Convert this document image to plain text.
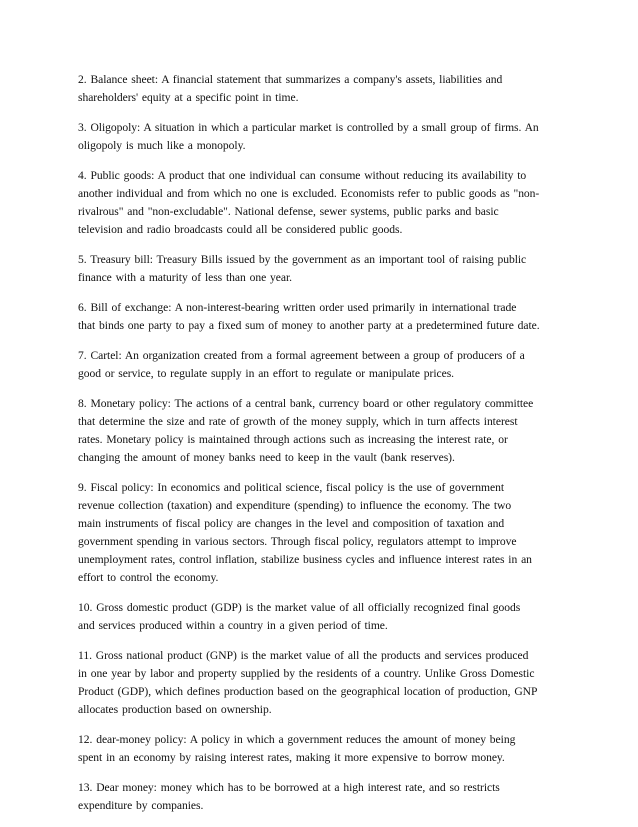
2. Balance sheet: A financial statement that summarizes a company's assets, liabilities and
shareholders' equity at a specific point in time.
3. Oligopoly: A situation in which a particular market is controlled by a small group of firms. An
oligopoly is much like a monopoly.
4. Public goods: A product that one individual can consume without reducing its availability to
another individual and from which no one is excluded. Economists refer to public goods as "non-
rivalrous" and "non-excludable". National defense, sewer systems, public parks and basic
television and radio broadcasts could all be considered public goods.
5. Treasury bill: Treasury Bills issued by the government as an important tool of raising public
finance with a maturity of less than one year.
6. Bill of exchange: A non-interest-bearing written order used primarily in international trade
that binds one party to pay a fixed sum of money to another party at a predetermined future date.
7. Cartel: An organization created from a formal agreement between a group of producers of a
good or service, to regulate supply in an effort to regulate or manipulate prices.
8. Monetary policy: The actions of a central bank, currency board or other regulatory committee
that determine the size and rate of growth of the money supply, which in turn affects interest
rates. Monetary policy is maintained through actions such as increasing the interest rate, or
changing the amount of money banks need to keep in the vault (bank reserves).
9. Fiscal policy: In economics and political science, fiscal policy is the use of government
revenue collection (taxation) and expenditure (spending) to influence the economy. The two
main instruments of fiscal policy are changes in the level and composition of taxation and
government spending in various sectors. Through fiscal policy, regulators attempt to improve
unemployment rates, control inflation, stabilize business cycles and influence interest rates in an
effort to control the economy.
10. Gross domestic product (GDP) is the market value of all officially recognized final goods
and services produced within a country in a given period of time.
11. Gross national product (GNP) is the market value of all the products and services produced
in one year by labor and property supplied by the residents of a country. Unlike Gross Domestic
Product (GDP), which defines production based on the geographical location of production, GNP
allocates production based on ownership.
12. dear-money policy: A policy in which a government reduces the amount of money being
spent in an economy by raising interest rates, making it more expensive to borrow money.
13. Dear money: money which has to be borrowed at a high interest rate, and so restricts
expenditure by companies.
